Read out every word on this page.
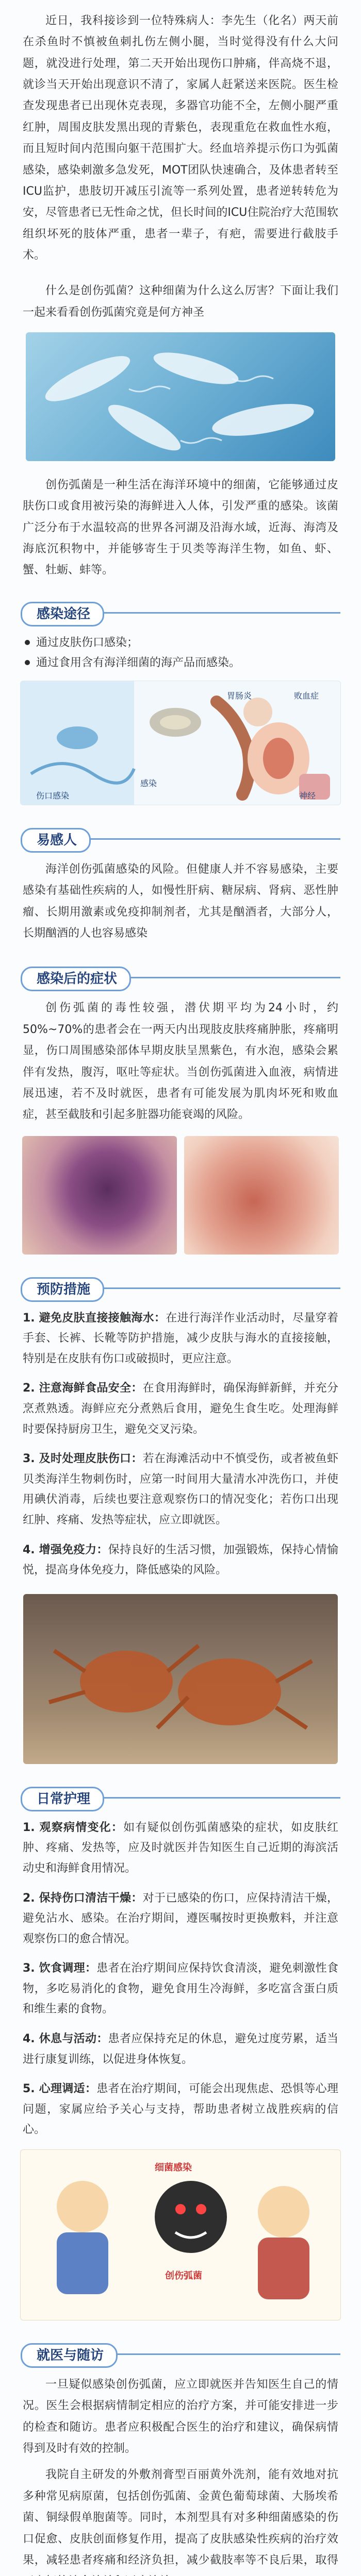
近日，我科接诊到一位特殊病人：李先生（化名）两天前在杀鱼时不慎被鱼刺扎伤左侧小腿，当时觉得没有什么大问题，就没进行处理，第二天开始出现伤口肿痛，伴高烧不退，就诊当天开始出现意识不清了，家属人赶紧送来医院。医生检查发现患者已出现休克表现，多器官功能不全，左侧小腿严重红肿，周围皮肤发黑出现的青紫色，表现重危在救血性水疱，而且短时间内范围向躯干范围扩大。经血培养提示伤口为弧菌感染，感染刺激多急发死，MOT团队快速确合，及体患者转至ICU监护，患肢切开减压引流等一系列处置，患者逆转转危为安，尽管患者已无性命之忧，但长时间的ICU住院治疗大范围软组织坏死的肢体严重，患者一辈子，有疤，需要进行截肢手术。

什么是创伤弧菌？这种细菌为什么这么厉害？下面让我们一起来看看创伤弧菌究竟是何方神圣

创伤弧菌是一种生活在海洋环境中的细菌，它能够通过皮肤伤口或食用被污染的海鲜进入人体，引发严重的感染。该菌广泛分布于水温较高的世界各河湖及沿海水域，近海、海湾及海底沉积物中，并能够寄生于贝类等海洋生物，如鱼、虾、蟹、牡蛎、蚌等。

感染途径
通过皮肤伤口感染；
通过食用含有海洋细菌的海产品而感染。
感染
胃肠炎	败血症
伤口感染	神经
易感人

海洋创伤弧菌感染的风险。但健康人并不容易感染，主要感染有基础性疾病的人，如慢性肝病、糖尿病、肾病、恶性肿瘤、长期用激素或免疫抑制剂者，尤其是酗酒者，大部分人，长期酗酒的人也容易感染

感染后的症状

创伤弧菌的毒性较强，潜伏期平均为24小时，约50%~70%的患者会在一两天内出现肢皮肤疼痛肿胀，疼痛明显，伤口周围感染部体早期皮肤呈黑紫色，有水泡，感染会累伴有发热，腹泻，呕吐等症状。当创伤弧菌进入血液，病情进展迅速，若不及时就医，患者有可能发展为肌肉坏死和败血症，甚至截肢和引起多脏器功能衰竭的风险。

预防措施

1. 避免皮肤直接接触海水：在进行海洋作业活动时，尽量穿着手套、长裤、长靴等防护措施，减少皮肤与海水的直接接触，特别是在皮肤有伤口或破损时，更应注意。

2. 注意海鲜食品安全：在食用海鲜时，确保海鲜新鲜，并充分烹煮熟透。海鲜应充分煮熟后食用，避免生食生吃。处理海鲜时要保持厨房卫生，避免交叉污染。

3. 及时处理皮肤伤口：若在海滩活动中不慎受伤，或者被鱼虾贝类海洋生物刺伤时，应第一时间用大量清水冲洗伤口，并使用碘伏消毒，后续也要注意观察伤口的情况变化；若伤口出现红肿、疼痛、发热等症状，应立即就医。

4. 增强免疫力：保持良好的生活习惯，加强锻炼，保持心情愉悦，提高身体免疫力，降低感染的风险。

日常护理

1. 观察病情变化：如有疑似创伤弧菌感染的症状，如皮肤红肿、疼痛、发热等，应及时就医并告知医生自己近期的海滨活动史和海鲜食用情况。

2. 保持伤口清洁干燥：对于已感染的伤口，应保持清洁干燥，避免沾水、感染。在治疗期间，遵医嘱按时更换敷料，并注意观察伤口的愈合情况。

3. 饮食调理：患者在治疗期间应保持饮食清淡，避免刺激性食物，多吃易消化的食物，避免食用生冷海鲜，多吃富含蛋白质和维生素的食物。

4. 休息与活动：患者应保持充足的休息，避免过度劳累，适当进行康复训练，以促进身体恢复。

5. 心理调适：患者在治疗期间，可能会出现焦虑、恐惧等心理问题，家属应给予关心与支持，帮助患者树立战胜疾病的信心。

细菌感染
创伤弧菌
就医与随访

一旦疑似感染创伤弧菌，应立即就医并告知医生自己的情况。医生会根据病情制定相应的治疗方案，并可能安排进一步的检查和随访。患者应积极配合医生的治疗和建议，确保病情得到及时有效的控制。

我院自主研发的外敷剂膏型百丽黄外洗剂，能有效地对抗多种常见病原菌，包括创伤弧菌、金黄色葡萄球菌、大肠埃希菌、铜绿假单胞菌等。同时，本剂型具有对多种细菌感染的伤口促愈、皮肤创面修复作用，提高了皮肤感染性疾病的治疗效果，减轻患者疼痛和经济负担，减少截肢率等不良后果，取得
